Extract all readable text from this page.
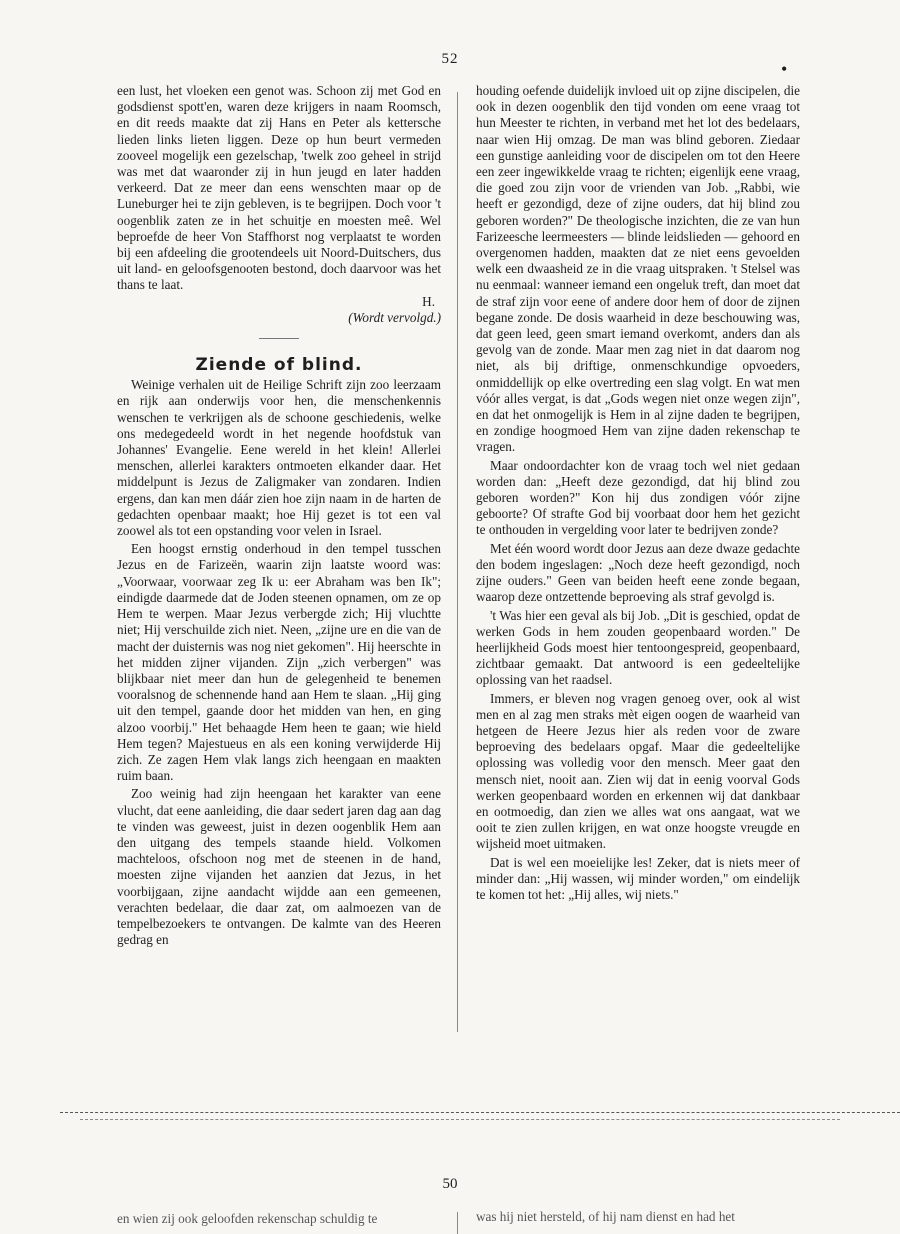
52	•

een lust, het vloeken een genot was. Schoon zij met God en godsdienst spott'en, waren deze krijgers in naam Roomsch, en dit reeds maakte dat zij Hans en Peter als kettersche lieden links lieten liggen. Deze op hun beurt vermeden zooveel mogelijk een gezelschap, 'twelk zoo geheel in strijd was met dat waaronder zij in hun jeugd en later hadden verkeerd. Dat ze meer dan eens wenschten maar op de Luneburger hei te zijn gebleven, is te begrijpen. Doch voor 't oogenblik zaten ze in het schuitje en moesten meê. Wel beproefde de heer Von Staffhorst nog verplaatst te worden bij een afdeeling die grootendeels uit Noord-Duitschers, dus uit land- en geloofsgenooten bestond, doch daarvoor was het thans te laat.

H.

(Wordt vervolgd.)

Ziende of blind.

Weinige verhalen uit de Heilige Schrift zijn zoo leerzaam en rijk aan onderwijs voor hen, die menschenkennis wenschen te verkrijgen als de schoone geschiedenis, welke ons medegedeeld wordt in het negende hoofdstuk van Johannes' Evangelie. Eene wereld in het klein! Allerlei menschen, allerlei karakters ontmoeten elkander daar. Het middelpunt is Jezus de Zaligmaker van zondaren. Indien ergens, dan kan men dáár zien hoe zijn naam in de harten de gedachten openbaar maakt; hoe Hij gezet is tot een val zoowel als tot een opstanding voor velen in Israel.

Een hoogst ernstig onderhoud in den tempel tusschen Jezus en de Farizeën, waarin zijn laatste woord was: „Voorwaar, voorwaar zeg Ik u: eer Abraham was ben Ik"; eindigde daarmede dat de Joden steenen opnamen, om ze op Hem te werpen. Maar Jezus verbergde zich; Hij vluchtte niet; Hij verschuilde zich niet. Neen, „zijne ure en die van de macht der duisternis was nog niet gekomen". Hij heerschte in het midden zijner vijanden. Zijn „zich verbergen" was blijkbaar niet meer dan hun de gelegenheid te benemen vooralsnog de schennende hand aan Hem te slaan. „Hij ging uit den tempel, gaande door het midden van hen, en ging alzoo voorbij." Het behaagde Hem heen te gaan; wie hield Hem tegen? Majestueus en als een koning verwijderde Hij zich. Ze zagen Hem vlak langs zich heengaan en maakten ruim baan.

Zoo weinig had zijn heengaan het karakter van eene vlucht, dat eene aanleiding, die daar sedert jaren dag aan dag te vinden was geweest, juist in dezen oogenblik Hem aan den uitgang des tempels staande hield. Volkomen machteloos, ofschoon nog met de steenen in de hand, moesten zijne vijanden het aanzien dat Jezus, in het voorbijgaan, zijne aandacht wijdde aan een gemeenen, verachten bedelaar, die daar zat, om aalmoezen van de tempelbezoekers te ontvangen. De kalmte van des Heeren gedrag en

houding oefende duidelijk invloed uit op zijne discipelen, die ook in dezen oogenblik den tijd vonden om eene vraag tot hun Meester te richten, in verband met het lot des bedelaars, naar wien Hij omzag. De man was blind geboren. Ziedaar een gunstige aanleiding voor de discipelen om tot den Heere een zeer ingewikkelde vraag te richten; eigenlijk eene vraag, die goed zou zijn voor de vrienden van Job. „Rabbi, wie heeft er gezondigd, deze of zijne ouders, dat hij blind zou geboren worden?" De theologische inzichten, die ze van hun Farizeesche leermeesters — blinde leidslieden — gehoord en overgenomen hadden, maakten dat ze niet eens gevoelden welk een dwaasheid ze in die vraag uitspraken. 't Stelsel was nu eenmaal: wanneer iemand een ongeluk treft, dan moet dat de straf zijn voor eene of andere door hem of door de zijnen begane zonde. De dosis waarheid in deze beschouwing was, dat geen leed, geen smart iemand overkomt, anders dan als gevolg van de zonde. Maar men zag niet in dat daarom nog niet, als bij driftige, onmenschkundige opvoeders, onmiddellijk op elke overtreding een slag volgt. En wat men vóór alles vergat, is dat „Gods wegen niet onze wegen zijn", en dat het onmogelijk is Hem in al zijne daden te begrijpen, en zondige hoogmoed Hem van zijne daden rekenschap te vragen.

Maar ondoordachter kon de vraag toch wel niet gedaan worden dan: „Heeft deze gezondigd, dat hij blind zou geboren worden?" Kon hij dus zondigen vóór zijne geboorte? Of strafte God bij voorbaat door hem het gezicht te onthouden in vergelding voor later te bedrijven zonde?

Met één woord wordt door Jezus aan deze dwaze gedachte den bodem ingeslagen: „Noch deze heeft gezondigd, noch zijne ouders." Geen van beiden heeft eene zonde begaan, waarop deze ontzettende beproeving als straf gevolgd is.

't Was hier een geval als bij Job. „Dit is geschied, opdat de werken Gods in hem zouden geopenbaard worden." De heerlijkheid Gods moest hier tentoongespreid, geopenbaard, zichtbaar gemaakt. Dat antwoord is een gedeeltelijke oplossing van het raadsel.

Immers, er bleven nog vragen genoeg over, ook al wist men en al zag men straks mèt eigen oogen de waarheid van hetgeen de Heere Jezus hier als reden voor de zware beproeving des bedelaars opgaf. Maar die gedeeltelijke oplossing was volledig voor den mensch. Meer gaat den mensch niet, nooit aan. Zien wij dat in eenig voorval Gods werken geopenbaard worden en erkennen wij dat dankbaar en ootmoedig, dan zien we alles wat ons aangaat, wat we ooit te zien zullen krijgen, en wat onze hoogste vreugde en wijsheid moet uitmaken.

Dat is wel een moeielijke les! Zeker, dat is niets meer of minder dan: „Hij wassen, wij minder worden," om eindelijk te komen tot het: „Hij alles, wij niets."

50
en wien zij ook geloofden rekenschap schuldig te	was hij niet hersteld, of hij nam dienst en had het
